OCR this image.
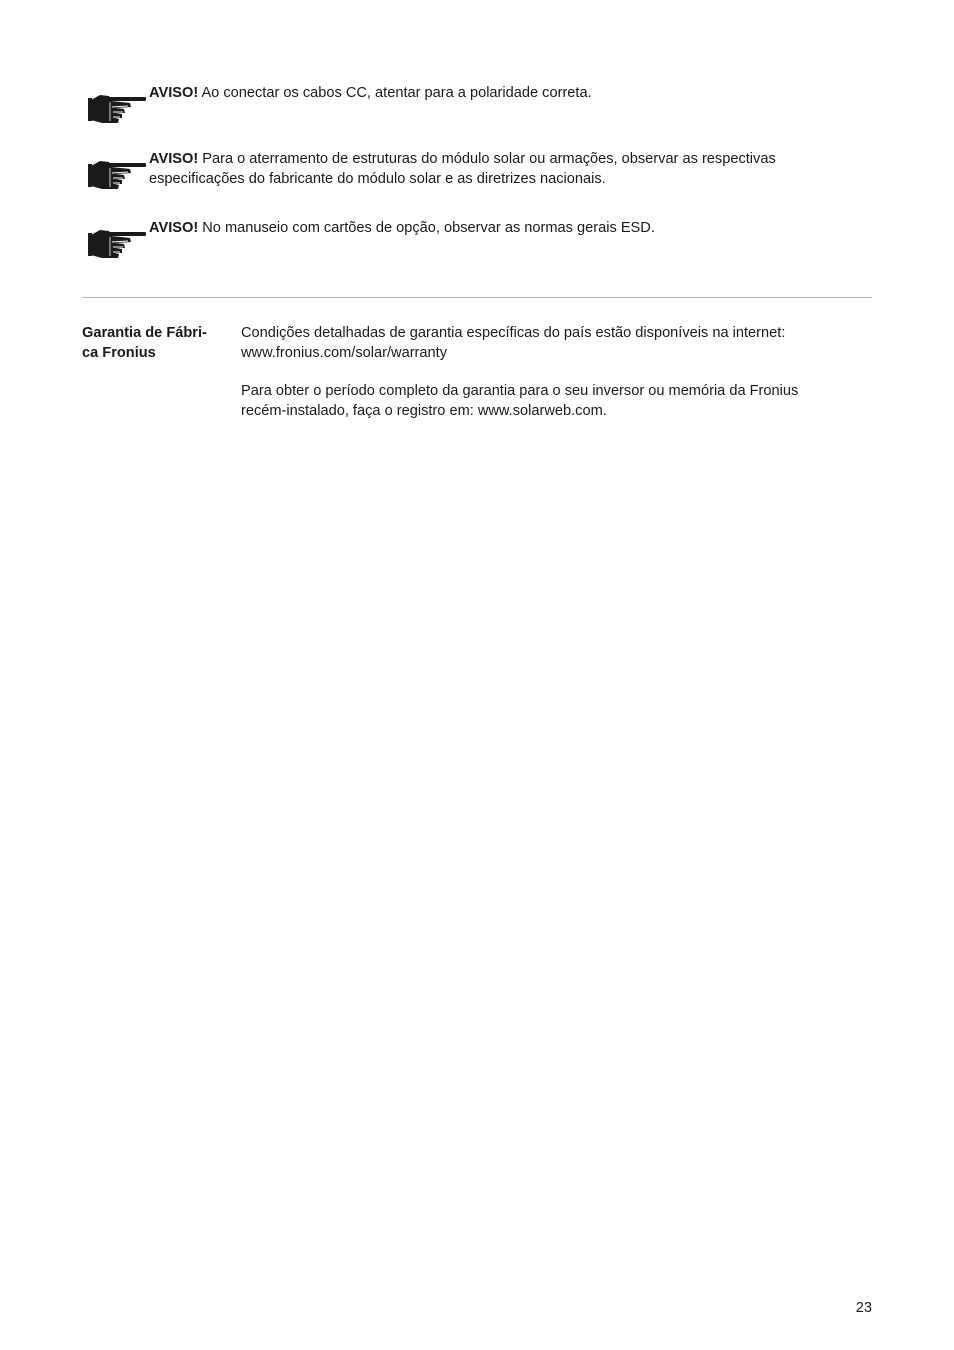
AVISO! Ao conectar os cabos CC, atentar para a polaridade correta.
AVISO! Para o aterramento de estruturas do módulo solar ou armações, observar as respectivas especificações do fabricante do módulo solar e as diretrizes nacionais.
AVISO! No manuseio com cartões de opção, observar as normas gerais ESD.
Garantia de Fábri-
ca Fronius
Condições detalhadas de garantia específicas do país estão disponíveis na internet:
www.fronius.com/solar/warranty
Para obter o período completo da garantia para o seu inversor ou memória da Fronius
recém-instalado, faça o registro em: www.solarweb.com.
23
